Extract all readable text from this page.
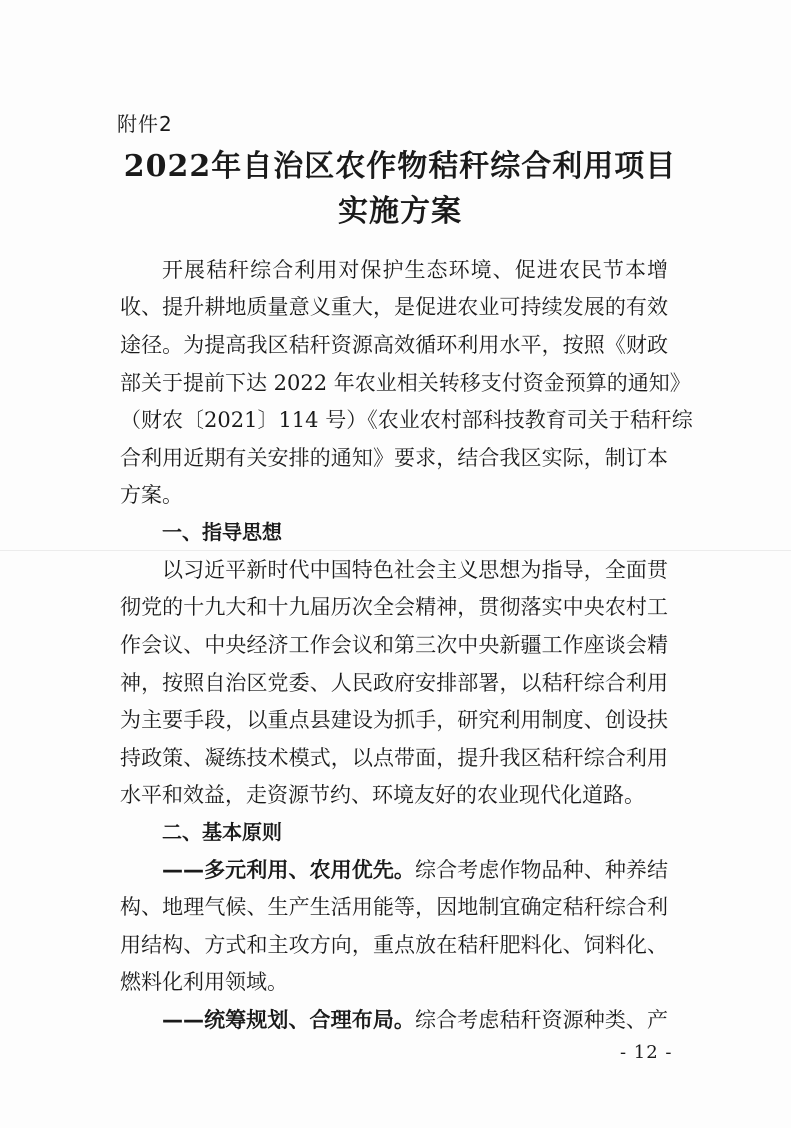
附件2
2022年自治区农作物秸秆综合利用项目
实施方案
开展秸秆综合利用对保护生态环境、促进农民节本增
收、提升耕地质量意义重大，是促进农业可持续发展的有效
途径。为提高我区秸秆资源高效循环利用水平，按照《财政
部关于提前下达 2022 年农业相关转移支付资金预算的通知》
（财农〔2021〕114 号）《农业农村部科技教育司关于秸秆综
合利用近期有关安排的通知》要求，结合我区实际，制订本
方案。
一、指导思想
以习近平新时代中国特色社会主义思想为指导，全面贯
彻党的十九大和十九届历次全会精神，贯彻落实中央农村工
作会议、中央经济工作会议和第三次中央新疆工作座谈会精
神，按照自治区党委、人民政府安排部署，以秸秆综合利用
为主要手段，以重点县建设为抓手，研究利用制度、创设扶
持政策、凝练技术模式，以点带面，提升我区秸秆综合利用
水平和效益，走资源节约、环境友好的农业现代化道路。
二、基本原则
——多元利用、农用优先。综合考虑作物品种、种养结
构、地理气候、生产生活用能等，因地制宜确定秸秆综合利
用结构、方式和主攻方向，重点放在秸秆肥料化、饲料化、
燃料化利用领域。
——统筹规划、合理布局。综合考虑秸秆资源种类、产
- 12 -
